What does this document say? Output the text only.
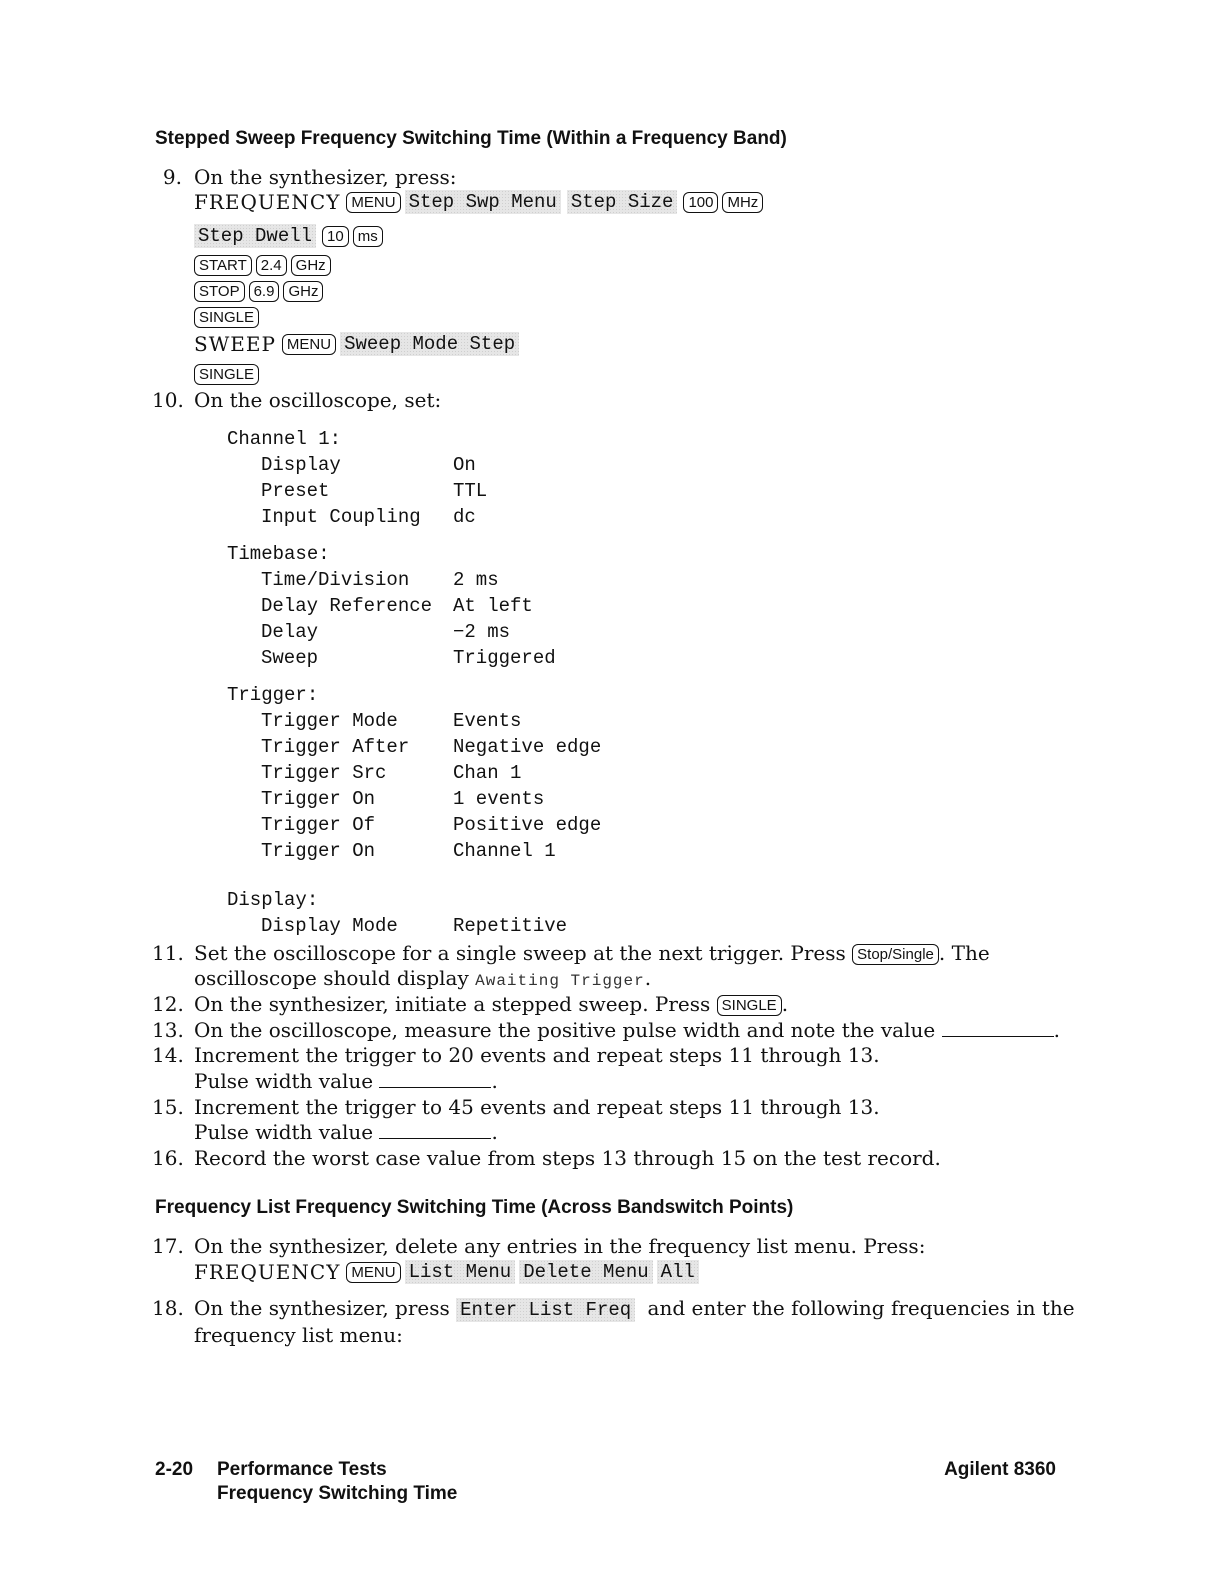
Stepped Sweep Frequency Switching Time (Within a Frequency Band)
9. On the synthesizer, press:
FREQUENCY MENU Step Swp Menu Step Size 100 MHz
Step Dwell 10 ms
START 2.4 GHz
STOP 6.9 GHz
SINGLE
SWEEP MENU Sweep Mode Step
SINGLE
10. On the oscilloscope, set:
Channel 1:
Display	On
Preset	TTL
Input Coupling dc
Timebase:
Time/Division 2 ms
Delay Reference At left
Delay	−2 ms
Sweep	Triggered
Trigger:
Trigger Mode	Events
Trigger After Negative edge
Trigger Src	Chan 1
Trigger On	1 events
Trigger Of	Positive edge
Trigger On	Channel 1
Display:
Display Mode	Repetitive
11. Set the oscilloscope for a single sweep at the next trigger. Press Stop/Single . The
oscilloscope should display Awaiting Trigger.
12. On the synthesizer, initiate a stepped sweep. Press SINGLE .
13. On the oscilloscope, measure the positive pulse width and note the value	.
14. Increment the trigger to 20 events and repeat steps 11 through 13.
Pulse width value	.
15. Increment the trigger to 45 events and repeat steps 11 through 13.
Pulse width value	.
16. Record the worst case value from steps 13 through 15 on the test record.
Frequency List Frequency Switching Time (Across Bandswitch Points)
17. On the synthesizer, delete any entries in the frequency list menu. Press:
FREQUENCY MENU List Menu Delete Menu All
18. On the synthesizer, press Enter List Freq and enter the following frequencies in the
frequency list menu:
2-20 Performance Tests
Frequency Switching Time
Agilent 8360
